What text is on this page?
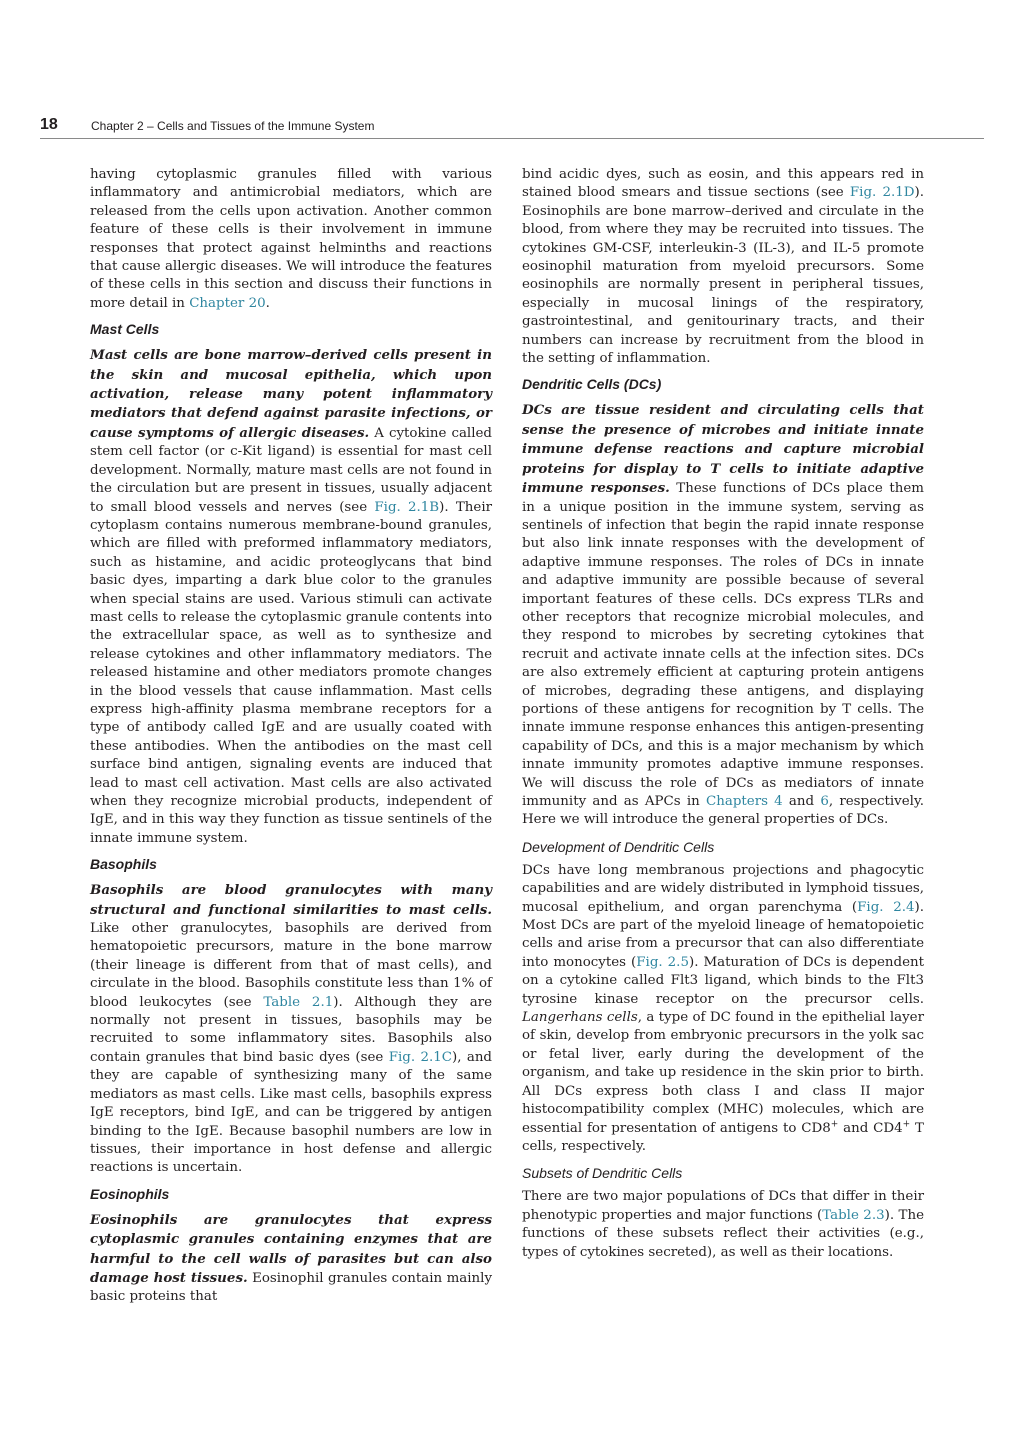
18	Chapter 2 – Cells and Tissues of the Immune System

having cytoplasmic granules filled with various inflammatory and antimicrobial mediators, which are released from the cells upon activation. Another common feature of these cells is their involvement in immune responses that protect against helminths and reactions that cause allergic diseases. We will introduce the features of these cells in this section and discuss their functions in more detail in Chapter 20.

Mast Cells

Mast cells are bone marrow–derived cells present in the skin and mucosal epithelia, which upon activation, release many potent inflammatory mediators that defend against parasite infections, or cause symptoms of allergic diseases. A cytokine called stem cell factor (or c-Kit ligand) is essential for mast cell development. Normally, mature mast cells are not found in the circulation but are present in tissues, usually adjacent to small blood vessels and nerves (see Fig. 2.1B). Their cytoplasm contains numerous membrane-bound granules, which are filled with preformed inflammatory mediators, such as histamine, and acidic proteoglycans that bind basic dyes, imparting a dark blue color to the granules when special stains are used. Various stimuli can activate mast cells to release the cytoplasmic granule contents into the extracellular space, as well as to synthesize and release cytokines and other inflammatory mediators. The released histamine and other mediators promote changes in the blood vessels that cause inflammation. Mast cells express high-affinity plasma membrane receptors for a type of antibody called IgE and are usually coated with these antibodies. When the antibodies on the mast cell surface bind antigen, signaling events are induced that lead to mast cell activation. Mast cells are also activated when they recognize microbial products, independent of IgE, and in this way they function as tissue sentinels of the innate immune system.

Basophils

Basophils are blood granulocytes with many structural and functional similarities to mast cells. Like other granulocytes, basophils are derived from hematopoietic precursors, mature in the bone marrow (their lineage is different from that of mast cells), and circulate in the blood. Basophils constitute less than 1% of blood leukocytes (see Table 2.1). Although they are normally not present in tissues, basophils may be recruited to some inflammatory sites. Basophils also contain granules that bind basic dyes (see Fig. 2.1C), and they are capable of synthesizing many of the same mediators as mast cells. Like mast cells, basophils express IgE receptors, bind IgE, and can be triggered by antigen binding to the IgE. Because basophil numbers are low in tissues, their importance in host defense and allergic reactions is uncertain.

Eosinophils

Eosinophils are granulocytes that express cytoplasmic granules containing enzymes that are harmful to the cell walls of parasites but can also damage host tissues. Eosinophil granules contain mainly basic proteins that

bind acidic dyes, such as eosin, and this appears red in stained blood smears and tissue sections (see Fig. 2.1D). Eosinophils are bone marrow–derived and circulate in the blood, from where they may be recruited into tissues. The cytokines GM-CSF, interleukin-3 (IL-3), and IL-5 promote eosinophil maturation from myeloid precursors. Some eosinophils are normally present in peripheral tissues, especially in mucosal linings of the respiratory, gastrointestinal, and genitourinary tracts, and their numbers can increase by recruitment from the blood in the setting of inflammation.

Dendritic Cells (DCs)

DCs are tissue resident and circulating cells that sense the presence of microbes and initiate innate immune defense reactions and capture microbial proteins for display to T cells to initiate adaptive immune responses. These functions of DCs place them in a unique position in the immune system, serving as sentinels of infection that begin the rapid innate response but also link innate responses with the development of adaptive immune responses. The roles of DCs in innate and adaptive immunity are possible because of several important features of these cells. DCs express TLRs and other receptors that recognize microbial molecules, and they respond to microbes by secreting cytokines that recruit and activate innate cells at the infection sites. DCs are also extremely efficient at capturing protein antigens of microbes, degrading these antigens, and displaying portions of these antigens for recognition by T cells. The innate immune response enhances this antigen-presenting capability of DCs, and this is a major mechanism by which innate immunity promotes adaptive immune responses. We will discuss the role of DCs as mediators of innate immunity and as APCs in Chapters 4 and 6, respectively. Here we will introduce the general properties of DCs.

Development of Dendritic Cells

DCs have long membranous projections and phagocytic capabilities and are widely distributed in lymphoid tissues, mucosal epithelium, and organ parenchyma (Fig. 2.4). Most DCs are part of the myeloid lineage of hematopoietic cells and arise from a precursor that can also differentiate into monocytes (Fig. 2.5). Maturation of DCs is dependent on a cytokine called Flt3 ligand, which binds to the Flt3 tyrosine kinase receptor on the precursor cells. Langerhans cells, a type of DC found in the epithelial layer of skin, develop from embryonic precursors in the yolk sac or fetal liver, early during the development of the organism, and take up residence in the skin prior to birth. All DCs express both class I and class II major histocompatibility complex (MHC) molecules, which are essential for presentation of antigens to CD8+ and CD4+ T cells, respectively.

Subsets of Dendritic Cells

There are two major populations of DCs that differ in their phenotypic properties and major functions (Table 2.3). The functions of these subsets reflect their activities (e.g., types of cytokines secreted), as well as their locations.
